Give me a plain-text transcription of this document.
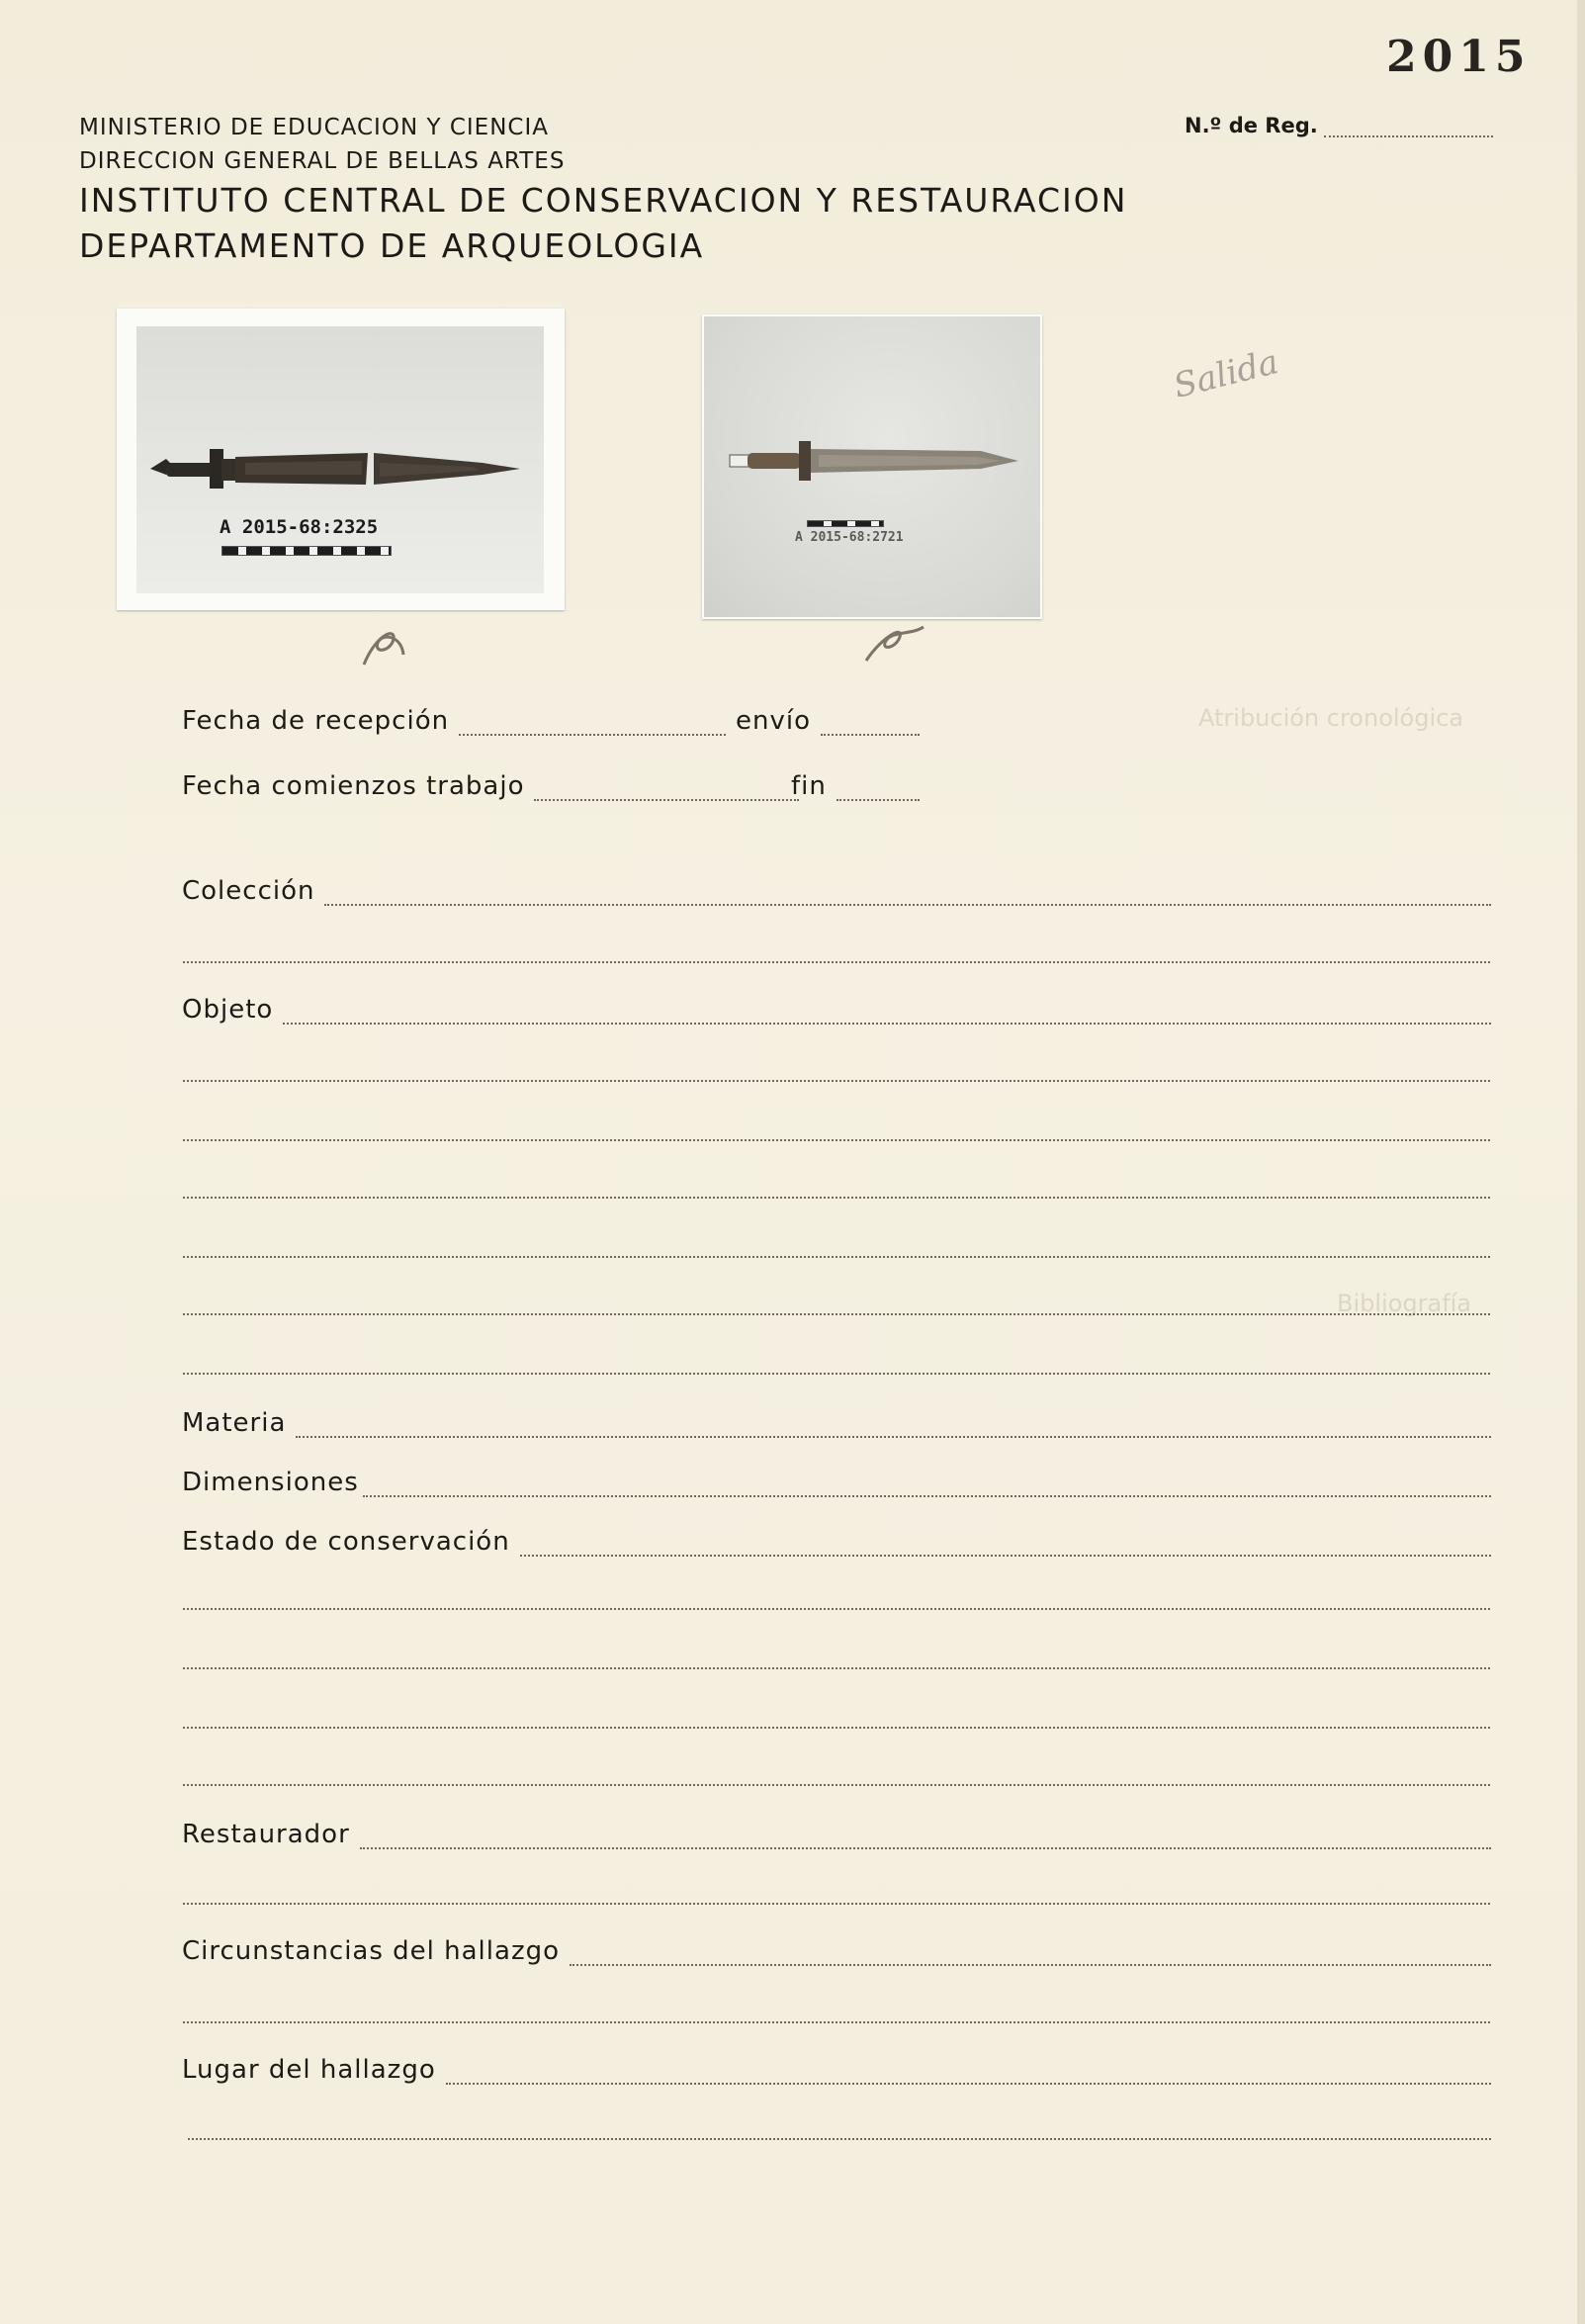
2015
MINISTERIO DE EDUCACION Y CIENCIA
DIRECCION GENERAL DE BELLAS ARTES
INSTITUTO CENTRAL DE CONSERVACION Y RESTAURACION
DEPARTAMENTO DE ARQUEOLOGIA
N.º de Reg.
A 2015-68:2325	A 2015-68:2721
Salida
Atribución cronológica
Bibliografía
Fecha de recepción	envío
Fecha comienzos trabajo	fin
Colección
Objeto
Materia
Dimensiones
Estado de conservación
Restaurador
Circunstancias del hallazgo
Lugar del hallazgo
